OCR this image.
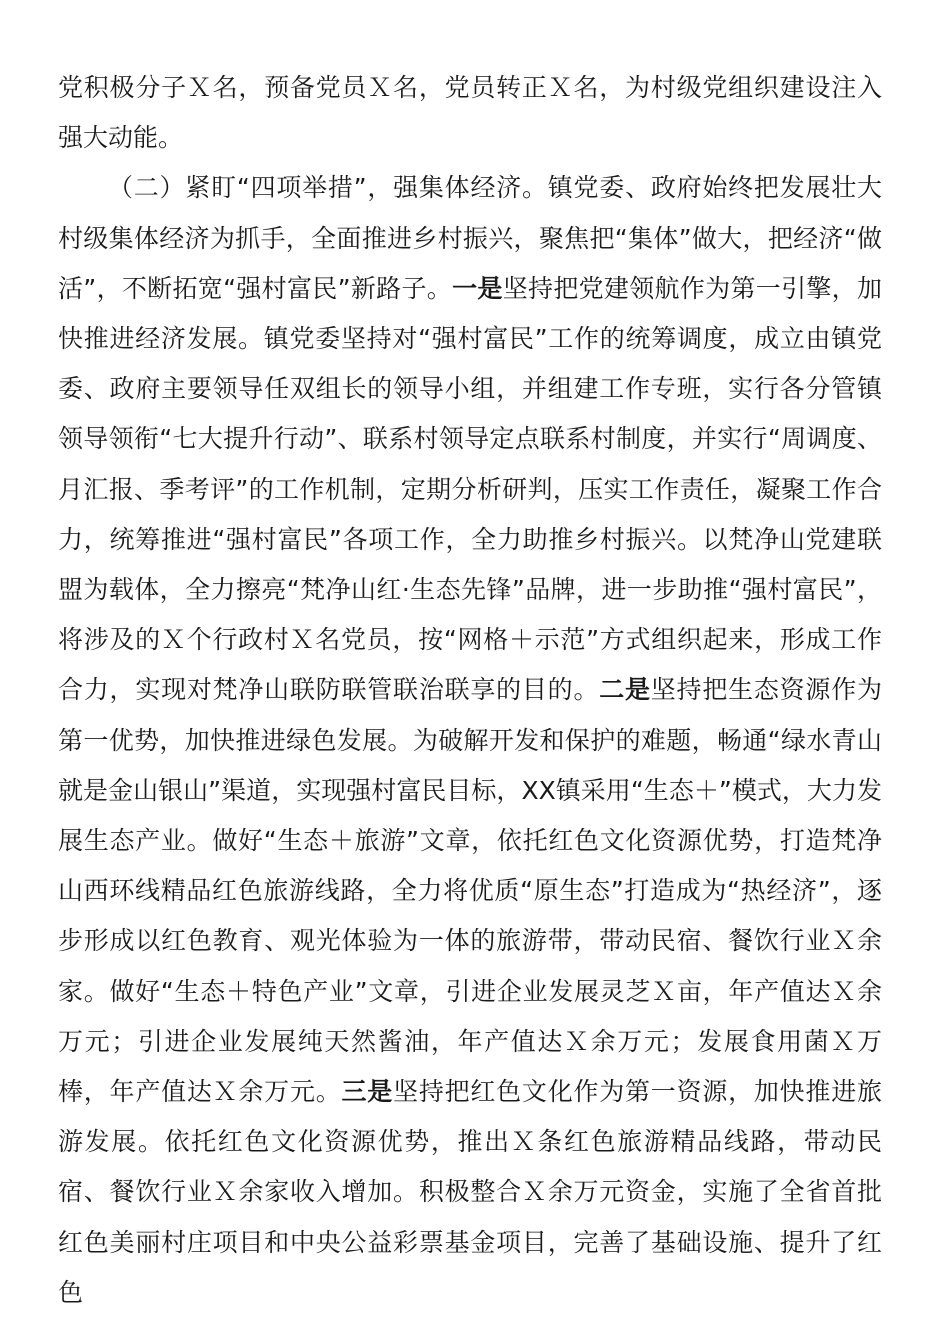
党积极分子Ｘ名，预备党员Ｘ名，党员转正Ｘ名，为村级党组织建设注入强大动能。

（二）紧盯“四项举措”，强集体经济。镇党委、政府始终把发展壮大村级集体经济为抓手，全面推进乡村振兴，聚焦把“集体”做大，把经济“做活”，不断拓宽“强村富民”新路子。一是坚持把党建领航作为第一引擎，加快推进经济发展。镇党委坚持对“强村富民”工作的统筹调度，成立由镇党委、政府主要领导任双组长的领导小组，并组建工作专班，实行各分管镇领导领衔“七大提升行动”、联系村领导定点联系村制度，并实行“周调度、月汇报、季考评”的工作机制，定期分析研判，压实工作责任，凝聚工作合力，统筹推进“强村富民”各项工作，全力助推乡村振兴。以梵净山党建联盟为载体，全力擦亮“梵净山红·生态先锋”品牌，进一步助推“强村富民”，将涉及的Ｘ个行政村Ｘ名党员，按“网格＋示范”方式组织起来，形成工作合力，实现对梵净山联防联管联治联享的目的。二是坚持把生态资源作为第一优势，加快推进绿色发展。为破解开发和保护的难题，畅通“绿水青山就是金山银山”渠道，实现强村富民目标，XX镇采用“生态＋”模式，大力发展生态产业。做好“生态＋旅游”文章，依托红色文化资源优势，打造梵净山西环线精品红色旅游线路，全力将优质“原生态”打造成为“热经济”，逐步形成以红色教育、观光体验为一体的旅游带，带动民宿、餐饮行业Ｘ余家。做好“生态＋特色产业”文章，引进企业发展灵芝Ｘ亩，年产值达Ｘ余万元；引进企业发展纯天然酱油，年产值达Ｘ余万元；发展食用菌Ｘ万棒，年产值达Ｘ余万元。三是坚持把红色文化作为第一资源，加快推进旅游发展。依托红色文化资源优势，推出Ｘ条红色旅游精品线路，带动民宿、餐饮行业Ｘ余家收入增加。积极整合Ｘ余万元资金，实施了全省首批红色美丽村庄项目和中央公益彩票基金项目，完善了基础设施、提升了红色
